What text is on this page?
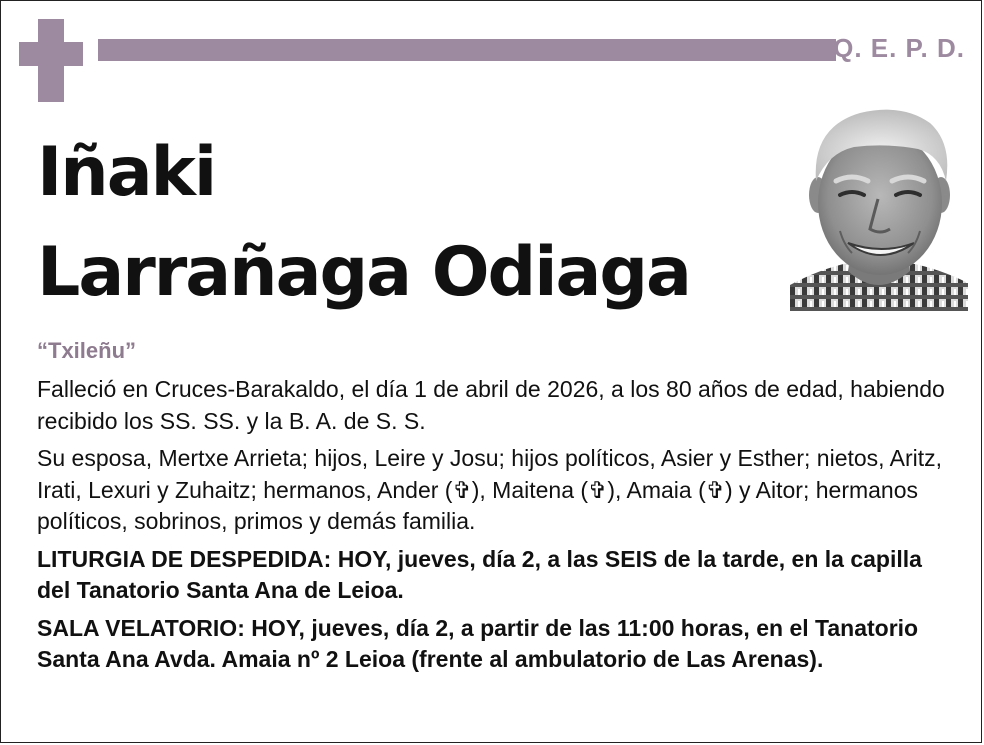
Q. E. P. D.
Iñaki
Larrañaga Odiaga
“Txileñu”

Falleció en Cruces-Barakaldo, el día 1 de abril de 2026, a los 80 años de edad, habiendo recibido los SS. SS. y la B. A. de S. S.

Su esposa, Mertxe Arrieta; hijos, Leire y Josu; hijos políticos, Asier y Esther; nietos, Aritz, Irati, Lexuri y Zuhaitz; hermanos, Ander (✞), Maitena (✞), Amaia (✞) y Aitor; hermanos políticos, sobrinos, primos y demás familia.

LITURGIA DE DESPEDIDA: HOY, jueves, día 2, a las SEIS de la tarde, en la capilla del Tanatorio Santa Ana de Leioa.

SALA VELATORIO: HOY, jueves, día 2, a partir de las 11:00 horas, en el Tanatorio Santa Ana Avda. Amaia nº 2 Leioa (frente al ambulatorio de Las Arenas).
